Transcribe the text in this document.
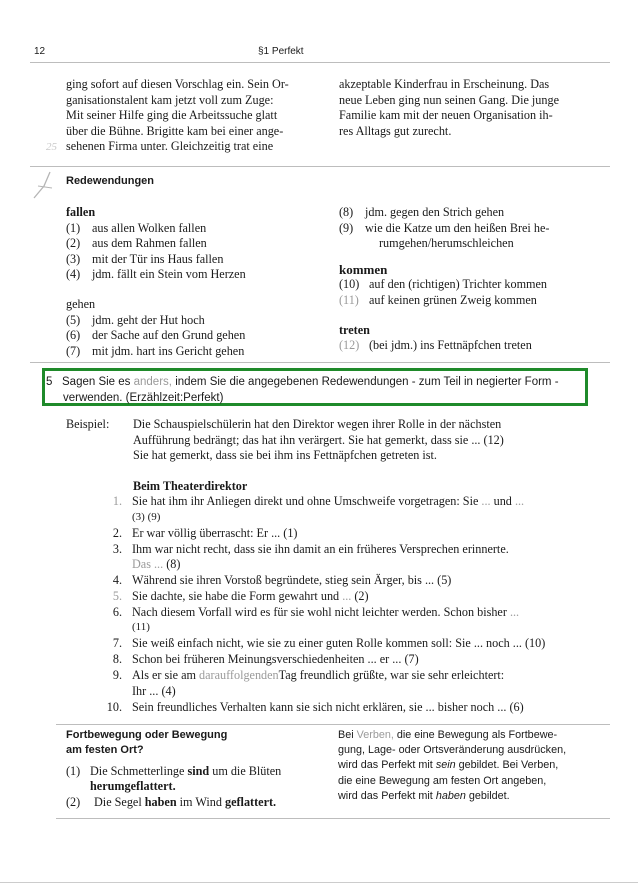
12	§1 Perfekt
ging sofort auf diesen Vorschlag ein. Sein Or-
ganisationstalent kam jetzt voll zum Zuge:
Mit seiner Hilfe ging die Arbeitssuche glatt
über die Bühne. Brigitte kam bei einer ange-
sehenen Firma unter. Gleichzeitig trat eine
akzeptable Kinderfrau in Erscheinung. Das
neue Leben ging nun seinen Gang. Die junge
Familie kam mit der neuen Organisation ih-
res Alltags gut zurecht.
25
Redewendungen
fallen
(1) aus allen Wolken fallen
(2) aus dem Rahmen fallen
(3) mit der Tür ins Haus fallen
(4) jdm. fällt ein Stein vom Herzen
gehen
(5) jdm. geht der Hut hoch
(6) der Sache auf den Grund gehen
(7) mit jdm. hart ins Gericht gehen
(8) jdm. gegen den Strich gehen
(9) wie die Katze um den heißen Brei he-
rumgehen/herumschleichen
kommen
(10) auf den (richtigen) Trichter kommen
(11) auf keinen grünen Zweig kommen
treten
(12) (bei jdm.) ins Fettnäpfchen treten
5 Sagen Sie es anders, indem Sie die angegebenen Redewendungen - zum Teil in negierter Form -
verwenden. (Erzählzeit:Perfekt)
Beispiel: Die Schauspielschülerin hat den Direktor wegen ihrer Rolle in der nächsten
Aufführung bedrängt; das hat ihn verärgert. Sie hat gemerkt, dass sie ... (12)
Sie hat gemerkt, dass sie bei ihm ins Fettnäpfchen getreten ist.
Beim Theaterdirektor
1. Sie hat ihm ihr Anliegen direkt und ohne Umschweife vorgetragen: Sie ... und ...
(3) (9)
2. Er war völlig überrascht: Er ... (1)
3. Ihm war nicht recht, dass sie ihn damit an ein früheres Versprechen erinnerte.
Das ... (8)
4. Während sie ihren Vorstoß begründete, stieg sein Ärger, bis ... (5)
5. Sie dachte, sie habe die Form gewahrt und ... (2)
6. Nach diesem Vorfall wird es für sie wohl nicht leichter werden. Schon bisher ...
(11)
7. Sie weiß einfach nicht, wie sie zu einer guten Rolle kommen soll: Sie ... noch ... (10)
8. Schon bei früheren Meinungsverschiedenheiten ... er ... (7)
9. Als er sie am darauffolgendenTag freundlich grüßte, war sie sehr erleichtert:
Ihr ... (4)
10. Sein freundliches Verhalten kann sie sich nicht erklären, sie ... bisher noch ... (6)
Fortbewegung oder Bewegung
am festen Ort?
(1) Die Schmetterlinge sind um die Blüten
herumgeflattert.
(2) Die Segel haben im Wind geflattert.
Bei Verben, die eine Bewegung als Fortbewe-
gung, Lage- oder Ortsveränderung ausdrücken,
wird das Perfekt mit sein gebildet. Bei Verben,
die eine Bewegung am festen Ort angeben,
wird das Perfekt mit haben gebildet.
